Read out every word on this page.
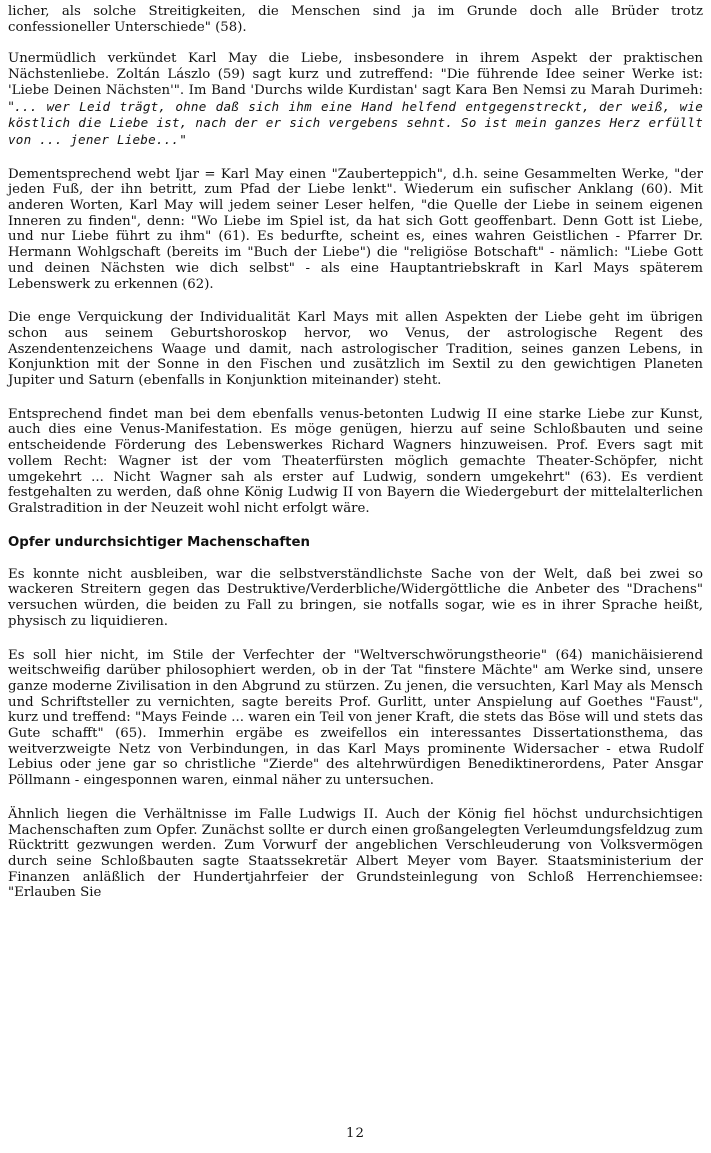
licher, als solche Streitigkeiten, die Menschen sind ja im Grunde doch alle Brüder trotz confessioneller Unterschiede" (58).

Unermüdlich verkündet Karl May die Liebe, insbesondere in ihrem Aspekt der praktischen Nächstenliebe. Zoltán Lászlo (59) sagt kurz und zutreffend: "Die führende Idee seiner Werke ist: 'Liebe Deinen Nächsten'". Im Band 'Durchs wilde Kurdistan' sagt Kara Ben Nemsi zu Marah Durimeh: "... wer Leid trägt, ohne daß sich ihm eine Hand helfend entgegenstreckt, der weiß, wie köstlich die Liebe ist, nach der er sich vergebens sehnt. So ist mein ganzes Herz erfüllt von ... jener Liebe..."

Dementsprechend webt Ijar = Karl May einen "Zauberteppich", d.h. seine Gesammelten Werke, "der jeden Fuß, der ihn betritt, zum Pfad der Liebe lenkt". Wiederum ein sufischer Anklang (60). Mit anderen Worten, Karl May will jedem seiner Leser helfen, "die Quelle der Liebe in seinem eigenen Inneren zu finden", denn: "Wo Liebe im Spiel ist, da hat sich Gott geoffenbart. Denn Gott ist Liebe, und nur Liebe führt zu ihm" (61). Es bedurfte, scheint es, eines wahren Geistlichen - Pfarrer Dr. Hermann Wohlgschaft (bereits im "Buch der Liebe") die "religiöse Botschaft" - nämlich: "Liebe Gott und deinen Nächsten wie dich selbst" - als eine Hauptantriebskraft in Karl Mays späterem Lebenswerk zu erkennen (62).

Die enge Verquickung der Individualität Karl Mays mit allen Aspekten der Liebe geht im übrigen schon aus seinem Geburtshoroskop hervor, wo Venus, der astrologische Regent des Aszendentenzeichens Waage und damit, nach astrologischer Tradition, seines ganzen Lebens, in Konjunktion mit der Sonne in den Fischen und zusätzlich im Sextil zu den gewichtigen Planeten Jupiter und Saturn (ebenfalls in Konjunktion miteinander) steht.

Entsprechend findet man bei dem ebenfalls venus-betonten Ludwig II eine starke Liebe zur Kunst, auch dies eine Venus-Manifestation. Es möge genügen, hierzu auf seine Schloßbauten und seine entscheidende Förderung des Lebenswerkes Richard Wagners hinzuweisen. Prof. Evers sagt mit vollem Recht: Wagner ist der vom Theaterfürsten möglich gemachte Theater-Schöpfer, nicht umgekehrt ... Nicht Wagner sah als erster auf Ludwig, sondern umgekehrt" (63). Es verdient festgehalten zu werden, daß ohne König Ludwig II von Bayern die Wiedergeburt der mittelalterlichen Gralstradition in der Neuzeit wohl nicht erfolgt wäre.

Opfer undurchsichtiger Machenschaften

Es konnte nicht ausbleiben, war die selbstverständlichste Sache von der Welt, daß bei zwei so wackeren Streitern gegen das Destruktive/Verderbliche/Widergöttliche die Anbeter des "Drachens" versuchen würden, die beiden zu Fall zu bringen, sie notfalls sogar, wie es in ihrer Sprache heißt, physisch zu liquidieren.

Es soll hier nicht, im Stile der Verfechter der "Weltverschwörungstheorie" (64) manichäisierend weitschweifig darüber philosophiert werden, ob in der Tat "finstere Mächte" am Werke sind, unsere ganze moderne Zivilisation in den Abgrund zu stürzen. Zu jenen, die versuchten, Karl May als Mensch und Schriftsteller zu vernichten, sagte bereits Prof. Gurlitt, unter Anspielung auf Goethes "Faust", kurz und treffend: "Mays Feinde ... waren ein Teil von jener Kraft, die stets das Böse will und stets das Gute schafft" (65). Immerhin ergäbe es zweifellos ein interessantes Dissertationsthema, das weitverzweigte Netz von Verbindungen, in das Karl Mays prominente Widersacher - etwa Rudolf Lebius oder jene gar so christliche "Zierde" des altehrwürdigen Benediktinerordens, Pater Ansgar Pöllmann - eingesponnen waren, einmal näher zu untersuchen.

Ähnlich liegen die Verhältnisse im Falle Ludwigs II. Auch der König fiel höchst undurchsichtigen Machenschaften zum Opfer. Zunächst sollte er durch einen großangelegten Verleumdungsfeldzug zum Rücktritt gezwungen werden. Zum Vorwurf der angeblichen Verschleuderung von Volksvermögen durch seine Schloßbauten sagte Staatssekretär Albert Meyer vom Bayer. Staatsministerium der Finanzen anläßlich der Hundertjahrfeier der Grundsteinlegung von Schloß Herrenchiemsee: "Erlauben Sie

12
